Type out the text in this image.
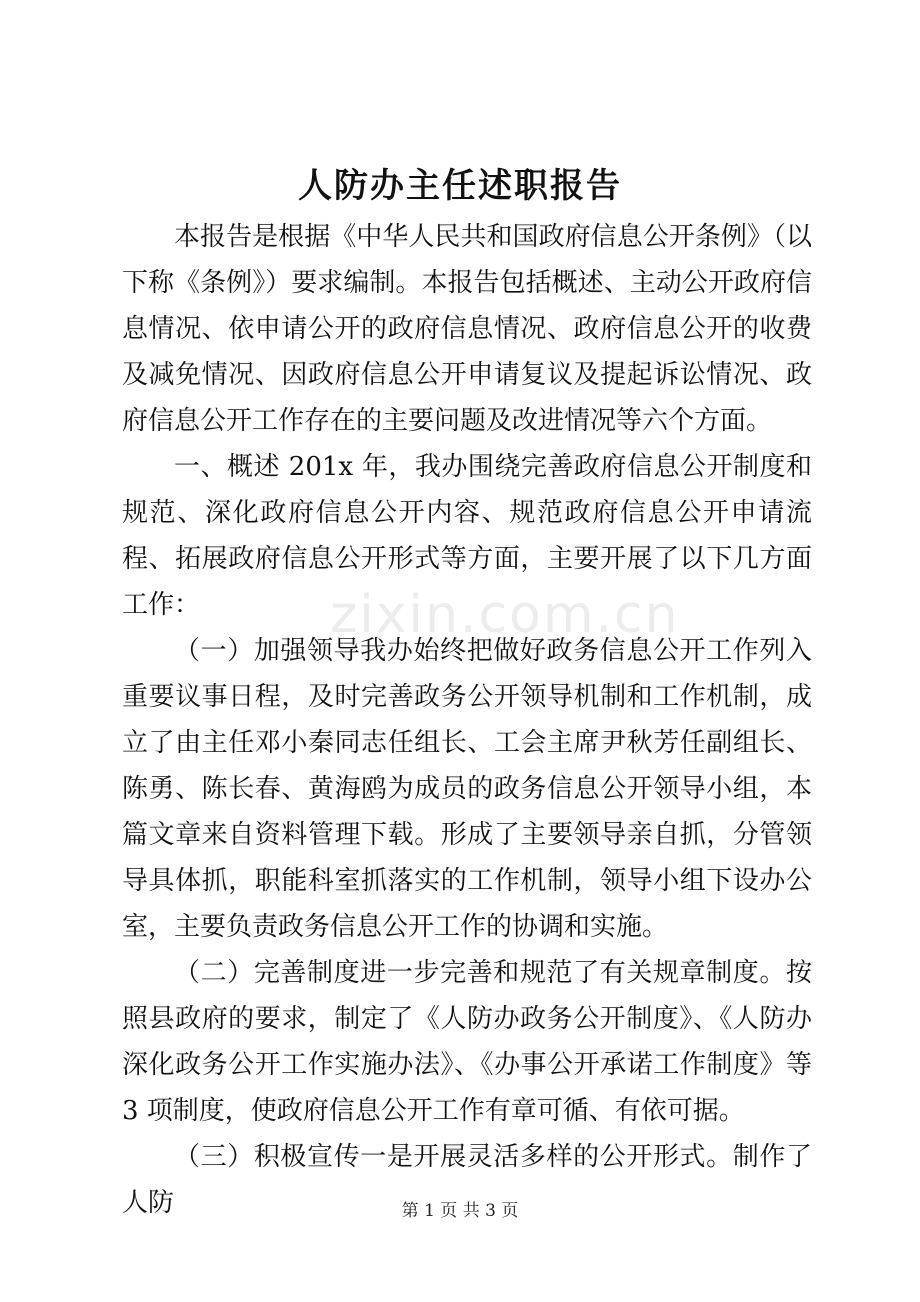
人防办主任述职报告

本报告是根据《中华人民共和国政府信息公开条例》（以下称《条例》）要求编制。本报告包括概述、主动公开政府信息情况、依申请公开的政府信息情况、政府信息公开的收费及减免情况、因政府信息公开申请复议及提起诉讼情况、政府信息公开工作存在的主要问题及改进情况等六个方面。

一、概述 201x 年，我办围绕完善政府信息公开制度和规范、深化政府信息公开内容、规范政府信息公开申请流程、拓展政府信息公开形式等方面，主要开展了以下几方面工作：

（一）加强领导我办始终把做好政务信息公开工作列入重要议事日程，及时完善政务公开领导机制和工作机制，成立了由主任邓小秦同志任组长、工会主席尹秋芳任副组长、陈勇、陈长春、黄海鸥为成员的政务信息公开领导小组，本篇文章来自资料管理下载。形成了主要领导亲自抓，分管领导具体抓，职能科室抓落实的工作机制，领导小组下设办公室，主要负责政务信息公开工作的协调和实施。

（二）完善制度进一步完善和规范了有关规章制度。按照县政府的要求，制定了《人防办政务公开制度》、《人防办深化政务公开工作实施办法》、《办事公开承诺工作制度》等 3 项制度，使政府信息公开工作有章可循、有依可据。

（三）积极宣传一是开展灵活多样的公开形式。制作了人防

zixin.com.cn
第 1 页 共 3 页
